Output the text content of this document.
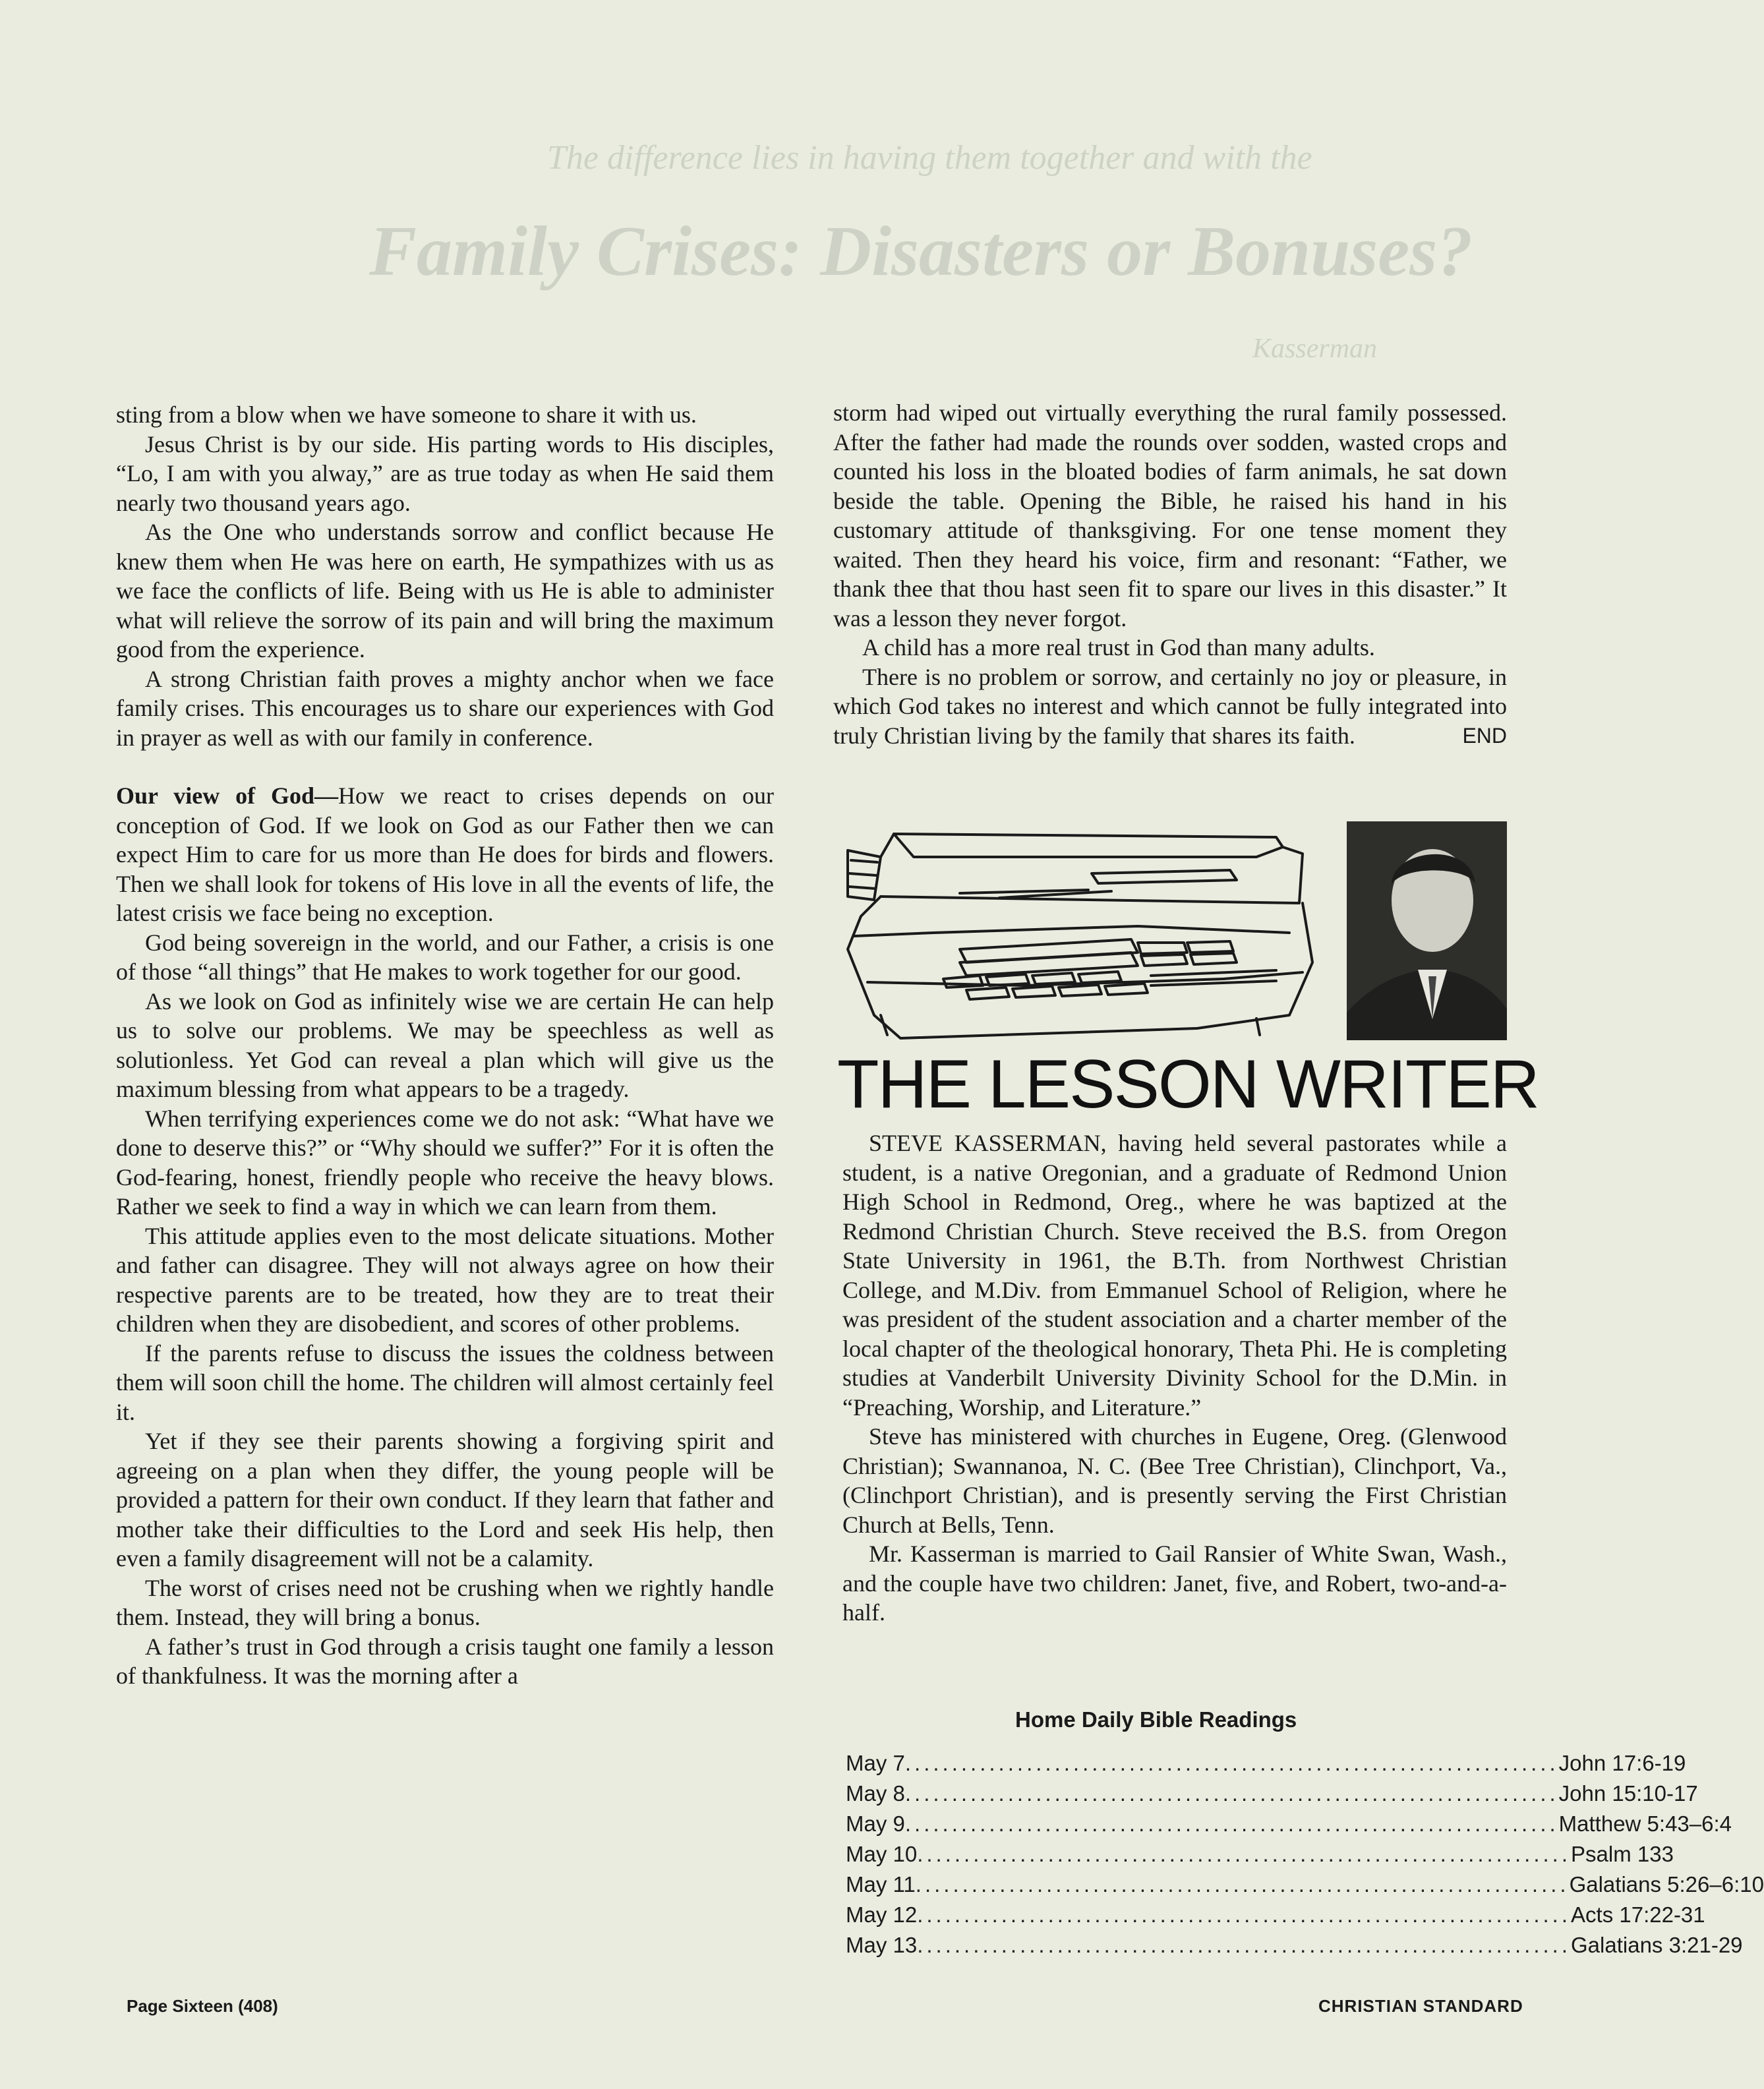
The difference lies in having them together and with the
Family Crises: Disasters or Bonuses?
Kasserman

sting from a blow when we have someone to share it with us.

Jesus Christ is by our side. His parting words to His disciples, “Lo, I am with you alway,” are as true today as when He said them nearly two thousand years ago.

As the One who understands sorrow and conflict because He knew them when He was here on earth, He sympathizes with us as we face the conflicts of life. Being with us He is able to administer what will relieve the sorrow of its pain and will bring the maximum good from the experience.

A strong Christian faith proves a mighty anchor when we face family crises. This encourages us to share our experiences with God in prayer as well as with our family in conference.

Our view of God—How we react to crises depends on our conception of God. If we look on God as our Father then we can expect Him to care for us more than He does for birds and flowers. Then we shall look for tokens of His love in all the events of life, the latest crisis we face being no exception.

God being sovereign in the world, and our Father, a crisis is one of those “all things” that He makes to work together for our good.

As we look on God as infinitely wise we are certain He can help us to solve our problems. We may be speechless as well as solutionless. Yet God can reveal a plan which will give us the maximum blessing from what appears to be a tragedy.

When terrifying experiences come we do not ask: “What have we done to deserve this?” or “Why should we suffer?” For it is often the God-fearing, honest, friendly people who receive the heavy blows. Rather we seek to find a way in which we can learn from them.

This attitude applies even to the most delicate situations. Mother and father can disagree. They will not always agree on how their respective parents are to be treated, how they are to treat their children when they are disobedient, and scores of other problems.

If the parents refuse to discuss the issues the coldness between them will soon chill the home. The children will almost certainly feel it.

Yet if they see their parents showing a forgiving spirit and agreeing on a plan when they differ, the young people will be provided a pattern for their own conduct. If they learn that father and mother take their difficulties to the Lord and seek His help, then even a family disagreement will not be a calamity.

The worst of crises need not be crushing when we rightly handle them. Instead, they will bring a bonus.

A father’s trust in God through a crisis taught one family a lesson of thankfulness. It was the morning after a

storm had wiped out virtually everything the rural family possessed. After the father had made the rounds over sodden, wasted crops and counted his loss in the bloated bodies of farm animals, he sat down beside the table. Opening the Bible, he raised his hand in his customary attitude of thanksgiving. For one tense moment they waited. Then they heard his voice, firm and resonant: “Father, we thank thee that thou hast seen fit to spare our lives in this disaster.” It was a lesson they never forgot.

A child has a more real trust in God than many adults.

There is no problem or sorrow, and certainly no joy or pleasure, in which God takes no interest and which cannot be fully integrated into truly Christian living by the family that shares its faith.	END

THE LESSON WRITER

STEVE KASSERMAN, having held several pastorates while a student, is a native Oregonian, and a graduate of Redmond Union High School in Redmond, Oreg., where he was baptized at the Redmond Christian Church. Steve received the B.S. from Oregon State University in 1961, the B.Th. from Northwest Christian College, and M.Div. from Emmanuel School of Religion, where he was president of the student association and a charter member of the local chapter of the theological honorary, Theta Phi. He is completing studies at Vanderbilt University Divinity School for the D.Min. in “Preaching, Worship, and Literature.”

Steve has ministered with churches in Eugene, Oreg. (Glenwood Christian); Swannanoa, N. C. (Bee Tree Christian), Clinchport, Va., (Clinchport Christian), and is presently serving the First Christian Church at Bells, Tenn.

Mr. Kasserman is married to Gail Ransier of White Swan, Wash., and the couple have two children: Janet, five, and Robert, two-and-a-half.

Home Daily Bible Readings
May 7 ...................................................................... John 17:6-19
May 8 ...................................................................... John 15:10-17
May 9 ...................................................................... Matthew 5:43–6:4
May 10 ...................................................................... Psalm 133
May 11 ...................................................................... Galatians 5:26–6:10
May 12 ...................................................................... Acts 17:22-31
May 13 ...................................................................... Galatians 3:21-29
Page Sixteen (408)	CHRISTIAN STANDARD
